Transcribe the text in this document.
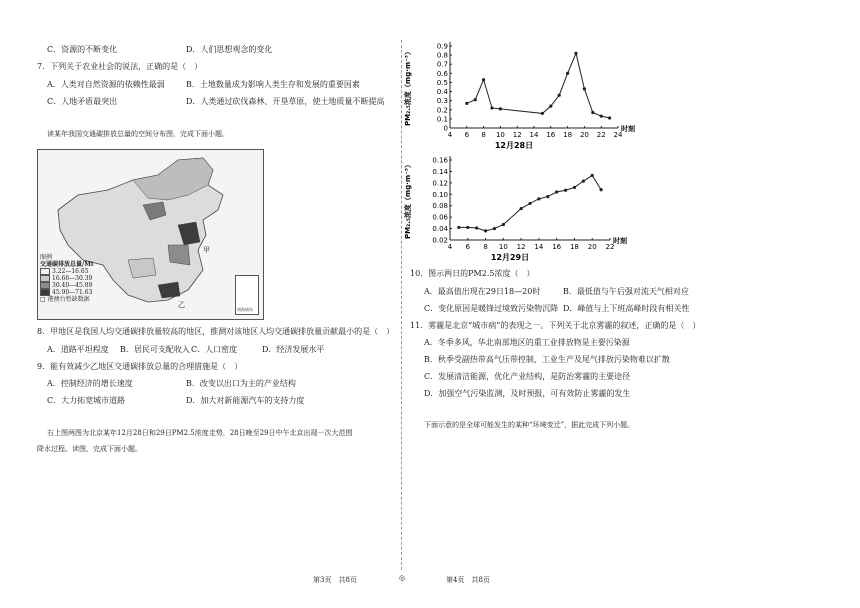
C．资源的不断变化	D．人们思想观念的变化
7．下列关于农业社会的说法，正确的是（　）
A．人类对自然资源的依赖性最弱	B．土地数量成为影响人类生存和发展的重要因素
C．人地矛盾最突出	D．人类通过砍伐森林、开垦草原，使土地质量不断提高
读某年我国交通碳排放总量的空间分布图，完成下面小题。
甲
乙
图例
交通碳排放总量/Mt
3.22—16.65
16.66—30.39
30.40—45.89
45.90—71.63
□ 港澳台暂缺数据
南海诸岛
8．甲地区是我国人均交通碳排放量较高的地区，推测对该地区人均交通碳排放量贡献最小的是（　）
A．道路平坦程度 B．居民可支配收入 C．人口密度	D．经济发展水平
9．能有效减少乙地区交通碳排放总量的合理措施是（　）
A．控制经济的增长速度	B．改变以出口为主的产业结构
C．大力拓宽城市道路	D．加大对新能源汽车的支持力度
右上图两图为北京某年12月28日和29日PM2.5浓度走势，28日晚至29日中午北京出现一次大范围
降水过程。读图，完成下面小题。
4 6 8 10 12 14 16 18 20 22 24
0
0.1
0.2
0.3
0.4
0.5
0.6
0.7
0.8
0.9
时刻
12月28日
PM₂.₅浓度（mg·m⁻³）
4 6 8 10 12 14 16 18 20 22
0.02
0.04
0.06
0.08
0.10
0.12
0.14
0.16
时刻
12月29日
PM₂.₅浓度（mg·m⁻³）
10．图示两日的PM2.5浓度（　）
A．最高值出现在29日18—20时	B．最低值与午后强对流天气相对应
C．变化原因是暖锋过境致污染物沉降 D．峰值与上下班高峰时段有相关性
11．雾霾是北京“城市病”的表现之一。下列关于北京雾霾的叙述，正确的是（　）
A．冬季多风，华北南部地区的重工业排放物是主要污染源
B．秋季受副热带高气压带控制，工业生产及尾气排放污染物难以扩散
C．发展清洁能源，优化产业结构，是防治雾霾的主要途径
D．加强空气污染监测，及时预报，可有效防止雾霾的发生
下面示意的是全球可能发生的某种“环境变迁”，据此完成下列小题。
第3页　共8页	◎	第4页　共8页
